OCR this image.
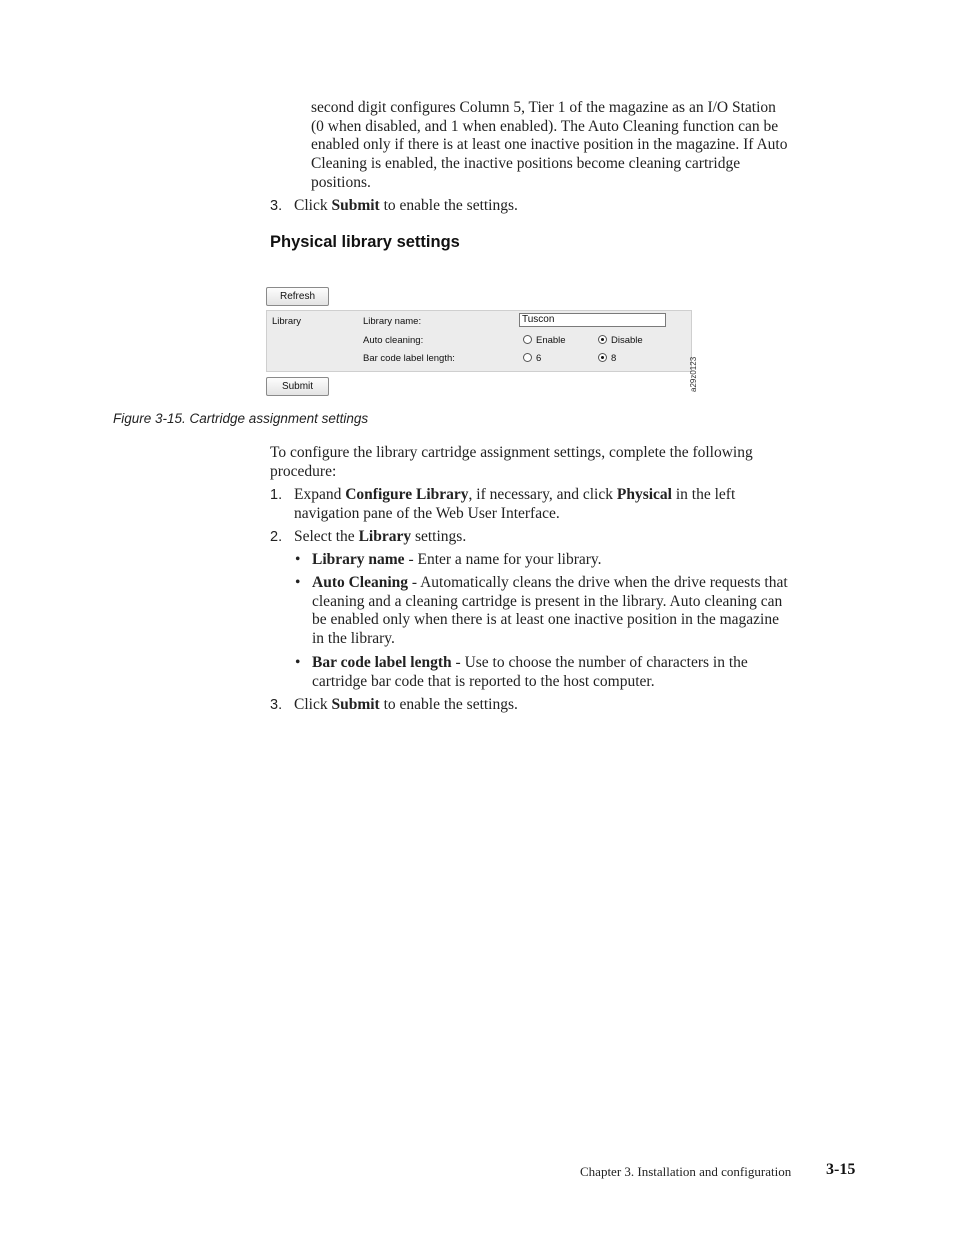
second digit configures Column 5, Tier 1 of the magazine as an I/O Station
(0 when disabled, and 1 when enabled). The Auto Cleaning function can be
enabled only if there is at least one inactive position in the magazine. If Auto
Cleaning is enabled, the inactive positions become cleaning cartridge
positions.
3. Click Submit to enable the settings.
Physical library settings
Refresh
Library	Library name:	Tuscon
Auto cleaning:	Enable	Disable
Bar code label length:	6	8
Submit	a29z0123
Figure 3-15. Cartridge assignment settings
To configure the library cartridge assignment settings, complete the following
procedure:
1. Expand Configure Library, if necessary, and click Physical in the left
navigation pane of the Web User Interface.
2. Select the Library settings.
• Library name - Enter a name for your library.
• Auto Cleaning - Automatically cleans the drive when the drive requests that
cleaning and a cleaning cartridge is present in the library. Auto cleaning can
be enabled only when there is at least one inactive position in the magazine
in the library.
• Bar code label length - Use to choose the number of characters in the
cartridge bar code that is reported to the host computer.
3. Click Submit to enable the settings.
Chapter 3. Installation and configuration 3-15
